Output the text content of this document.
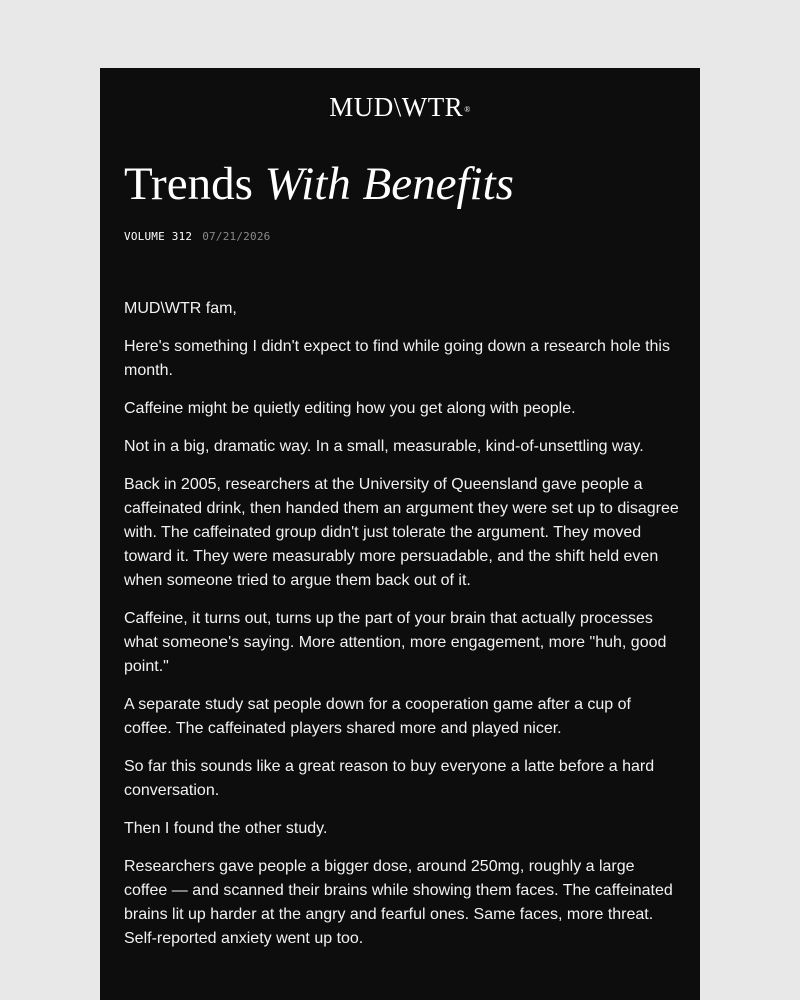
MUD\WTR®
Trends With Benefits
VOLUME 312 07/21/2026

MUD\WTR fam,

Here's something I didn't expect to find while going down a research hole this month.

Caffeine might be quietly editing how you get along with people.

Not in a big, dramatic way. In a small, measurable, kind-of-unsettling way.

Back in 2005, researchers at the University of Queensland gave people a caffeinated drink, then handed them an argument they were set up to disagree with. The caffeinated group didn't just tolerate the argument. They moved toward it. They were measurably more persuadable, and the shift held even when someone tried to argue them back out of it.

Caffeine, it turns out, turns up the part of your brain that actually processes what someone's saying. More attention, more engagement, more "huh, good point."

A separate study sat people down for a cooperation game after a cup of coffee. The caffeinated players shared more and played nicer.

So far this sounds like a great reason to buy everyone a latte before a hard conversation.

Then I found the other study.

Researchers gave people a bigger dose, around 250mg, roughly a large coffee — and scanned their brains while showing them faces. The caffeinated brains lit up harder at the angry and fearful ones. Same faces, more threat. Self-reported anxiety went up too.
